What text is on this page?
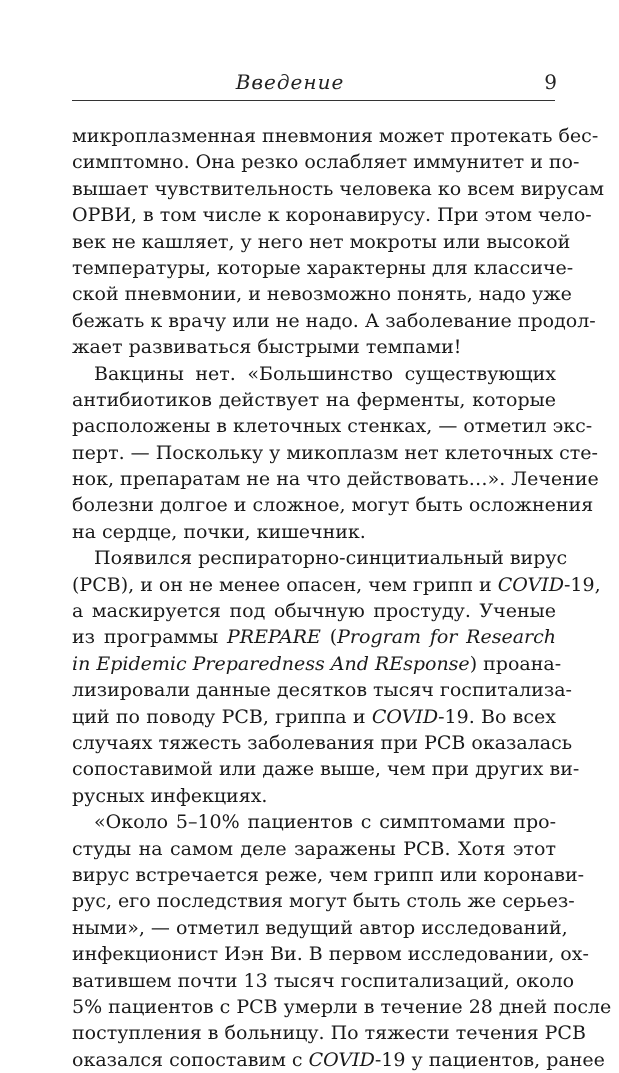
Введение	9
микроплазменная пневмония может протекать бес-
симптомно. Она резко ослабляет иммунитет и по-
вышает чувствительность человека ко всем вирусам
ОРВИ, в том числе к коронавирусу. При этом чело-
век не кашляет, у него нет мокроты или высокой
температуры, которые характерны для классиче-
ской пневмонии, и невозможно понять, надо уже
бежать к врачу или не надо. А заболевание продол-
жает развиваться быстрыми темпами!
Вакцины нет. «Большинство существующих
антибиотиков действует на ферменты, которые
расположены в клеточных стенках, — отметил экс-
перт. — Поскольку у микоплазм нет клеточных сте-
нок, препаратам не на что действовать…». Лечение
болезни долгое и сложное, могут быть осложнения
на сердце, почки, кишечник.
Появился респираторно-синцитиальный вирус
(РСВ), и он не менее опасен, чем грипп и COVID-19,
а маскируется под обычную простуду. Ученые
из программы PREPARE (Program for Research
in Epidemic Preparedness And REsponse) проана-
лизировали данные десятков тысяч госпитализа-
ций по поводу РСВ, гриппа и COVID-19. Во всех
случаях тяжесть заболевания при РСВ оказалась
сопоставимой или даже выше, чем при других ви-
русных инфекциях.
«Около 5–10% пациентов с симптомами про-
студы на самом деле заражены РСВ. Хотя этот
вирус встречается реже, чем грипп или коронави-
рус, его последствия могут быть столь же серьез-
ными», — отметил ведущий автор исследований,
инфекционист Иэн Ви. В первом исследовании, ох-
ватившем почти 13 тысяч госпитализаций, около
5% пациентов с РСВ умерли в течение 28 дней после
поступления в больницу. По тяжести течения РСВ
оказался сопоставим с COVID-19 у пациентов, ранее
